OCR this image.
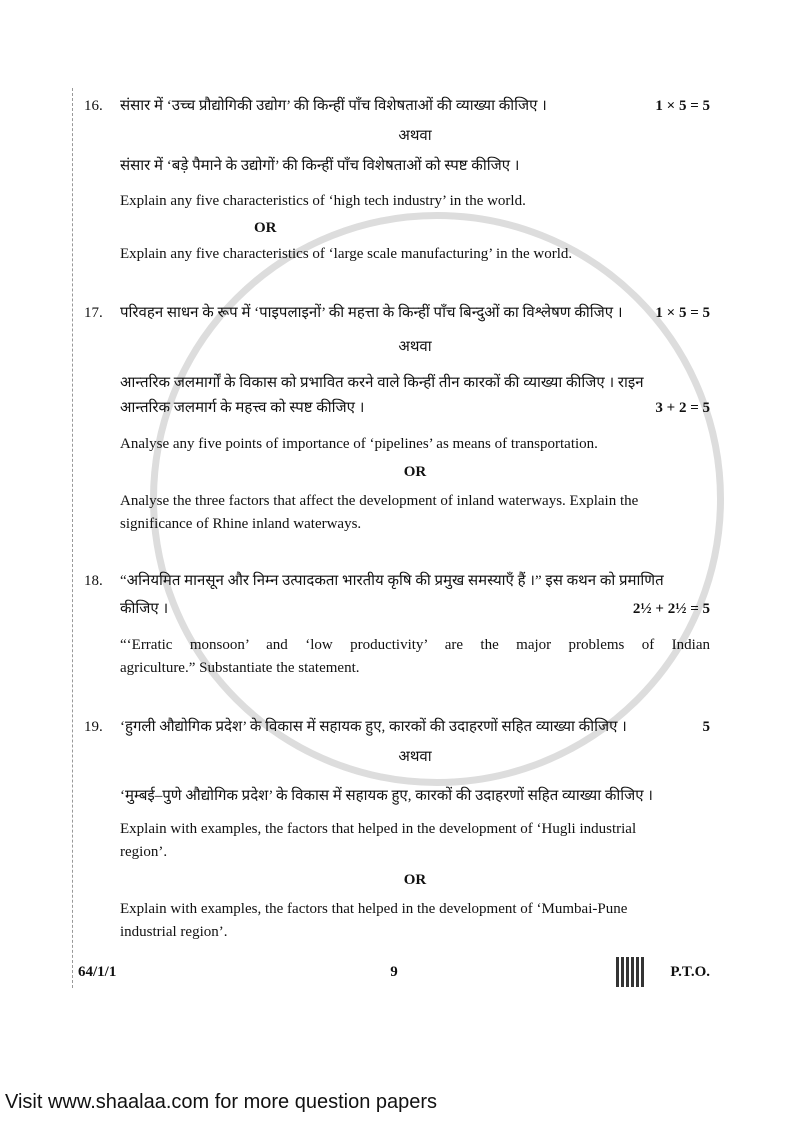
16.	संसार में ‘उच्च प्रौद्योगिकी उद्योग’ की किन्हीं पाँच विशेषताओं की व्याख्या कीजिए ।	1 × 5 = 5
अथवा
संसार में ‘बड़े पैमाने के उद्योगों’ की किन्हीं पाँच विशेषताओं को स्पष्ट कीजिए ।
Explain any five characteristics of ‘high tech industry’ in the world.
OR
Explain any five characteristics of ‘large scale manufacturing’ in the world.
17.	परिवहन साधन के रूप में ‘पाइपलाइनों’ की महत्ता के किन्हीं पाँच बिन्दुओं का विश्लेषण कीजिए ।	1 × 5 = 5
अथवा
आन्तरिक जलमार्गों के विकास को प्रभावित करने वाले किन्हीं तीन कारकों की व्याख्या कीजिए । राइन
आन्तरिक जलमार्ग के महत्त्व को स्पष्ट कीजिए ।	3 + 2 = 5
Analyse any five points of importance of ‘pipelines’ as means of transportation.
OR
Analyse the three factors that affect the development of inland waterways. Explain the
significance of Rhine inland waterways.
18.	“अनियमित मानसून और निम्न उत्पादकता भारतीय कृषि की प्रमुख समस्याएँ हैं ।” इस कथन को प्रमाणित
कीजिए ।	2½ + 2½ = 5
“‘Erratic monsoon’ and ‘low productivity’ are the major problems of Indian
agriculture.” Substantiate the statement.
19.	‘हुगली औद्योगिक प्रदेश’ के विकास में सहायक हुए, कारकों की उदाहरणों सहित व्याख्या कीजिए ।	5
अथवा
‘मुम्बई–पुणे औद्योगिक प्रदेश’ के विकास में सहायक हुए, कारकों की उदाहरणों सहित व्याख्या कीजिए ।
Explain with examples, the factors that helped in the development of ‘Hugli industrial
region’.
OR
Explain with examples, the factors that helped in the development of ‘Mumbai-Pune
industrial region’.
64/1/1	9	P.T.O.
Visit www.shaalaa.com for more question papers
